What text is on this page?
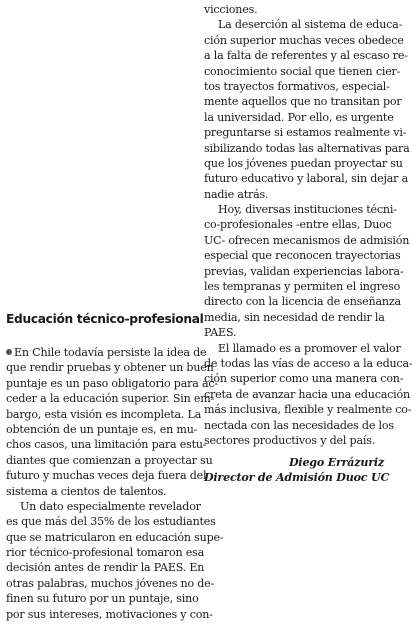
vicciones.
La deserción al sistema de educa-
ción superior muchas veces obedece
a la falta de referentes y al escaso re-
conocimiento social que tienen cier-
tos trayectos formativos, especial-
mente aquellos que no transitan por
la universidad. Por ello, es urgente
preguntarse si estamos realmente vi-
sibilizando todas las alternativas para
que los jóvenes puedan proyectar su
futuro educativo y laboral, sin dejar a
nadie atrás.
Hoy, diversas instituciones técni-
co-profesionales -entre ellas, Duoc
UC- ofrecen mecanismos de admisión
especial que reconocen trayectorias
previas, validan experiencias labora-
les tempranas y permiten el ingreso
directo con la licencia de enseñanza
media, sin necesidad de rendir la
PAES.
El llamado es a promover el valor
de todas las vías de acceso a la educa-
ción superior como una manera con-
creta de avanzar hacia una educación
más inclusiva, flexible y realmente co-
nectada con las necesidades de los
sectores productivos y del país.
Diego Errázuriz
Director de Admisión Duoc UC
Educación técnico-profesional
En Chile todavía persiste la idea de
que rendir pruebas y obtener un buen
puntaje es un paso obligatorio para ac-
ceder a la educación superior. Sin em-
bargo, esta visión es incompleta. La
obtención de un puntaje es, en mu-
chos casos, una limitación para estu-
diantes que comienzan a proyectar su
futuro y muchas veces deja fuera del
sistema a cientos de talentos.
Un dato especialmente revelador
es que más del 35% de los estudiantes
que se matricularon en educación supe-
rior técnico-profesional tomaron esa
decisión antes de rendir la PAES. En
otras palabras, muchos jóvenes no de-
finen su futuro por un puntaje, sino
por sus intereses, motivaciones y con-
